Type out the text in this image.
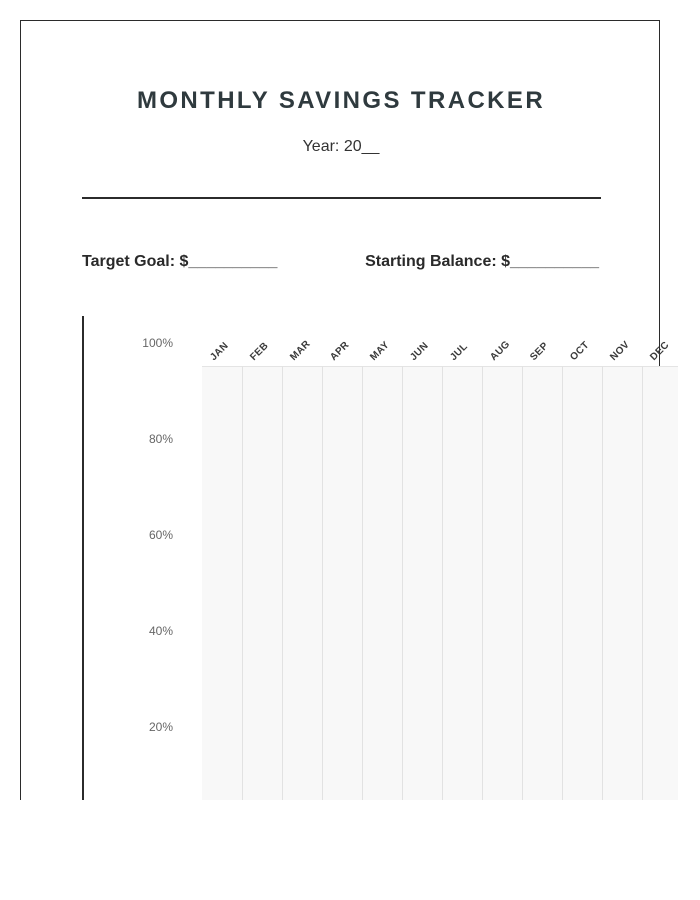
MONTHLY SAVINGS TRACKER
Year: 20__
Target Goal: $__________	Starting Balance: $__________
JAN FEB MAR APR MAY JUN JUL AUG SEP OCT NOV DEC
100%
80%
60%
40%
20%
